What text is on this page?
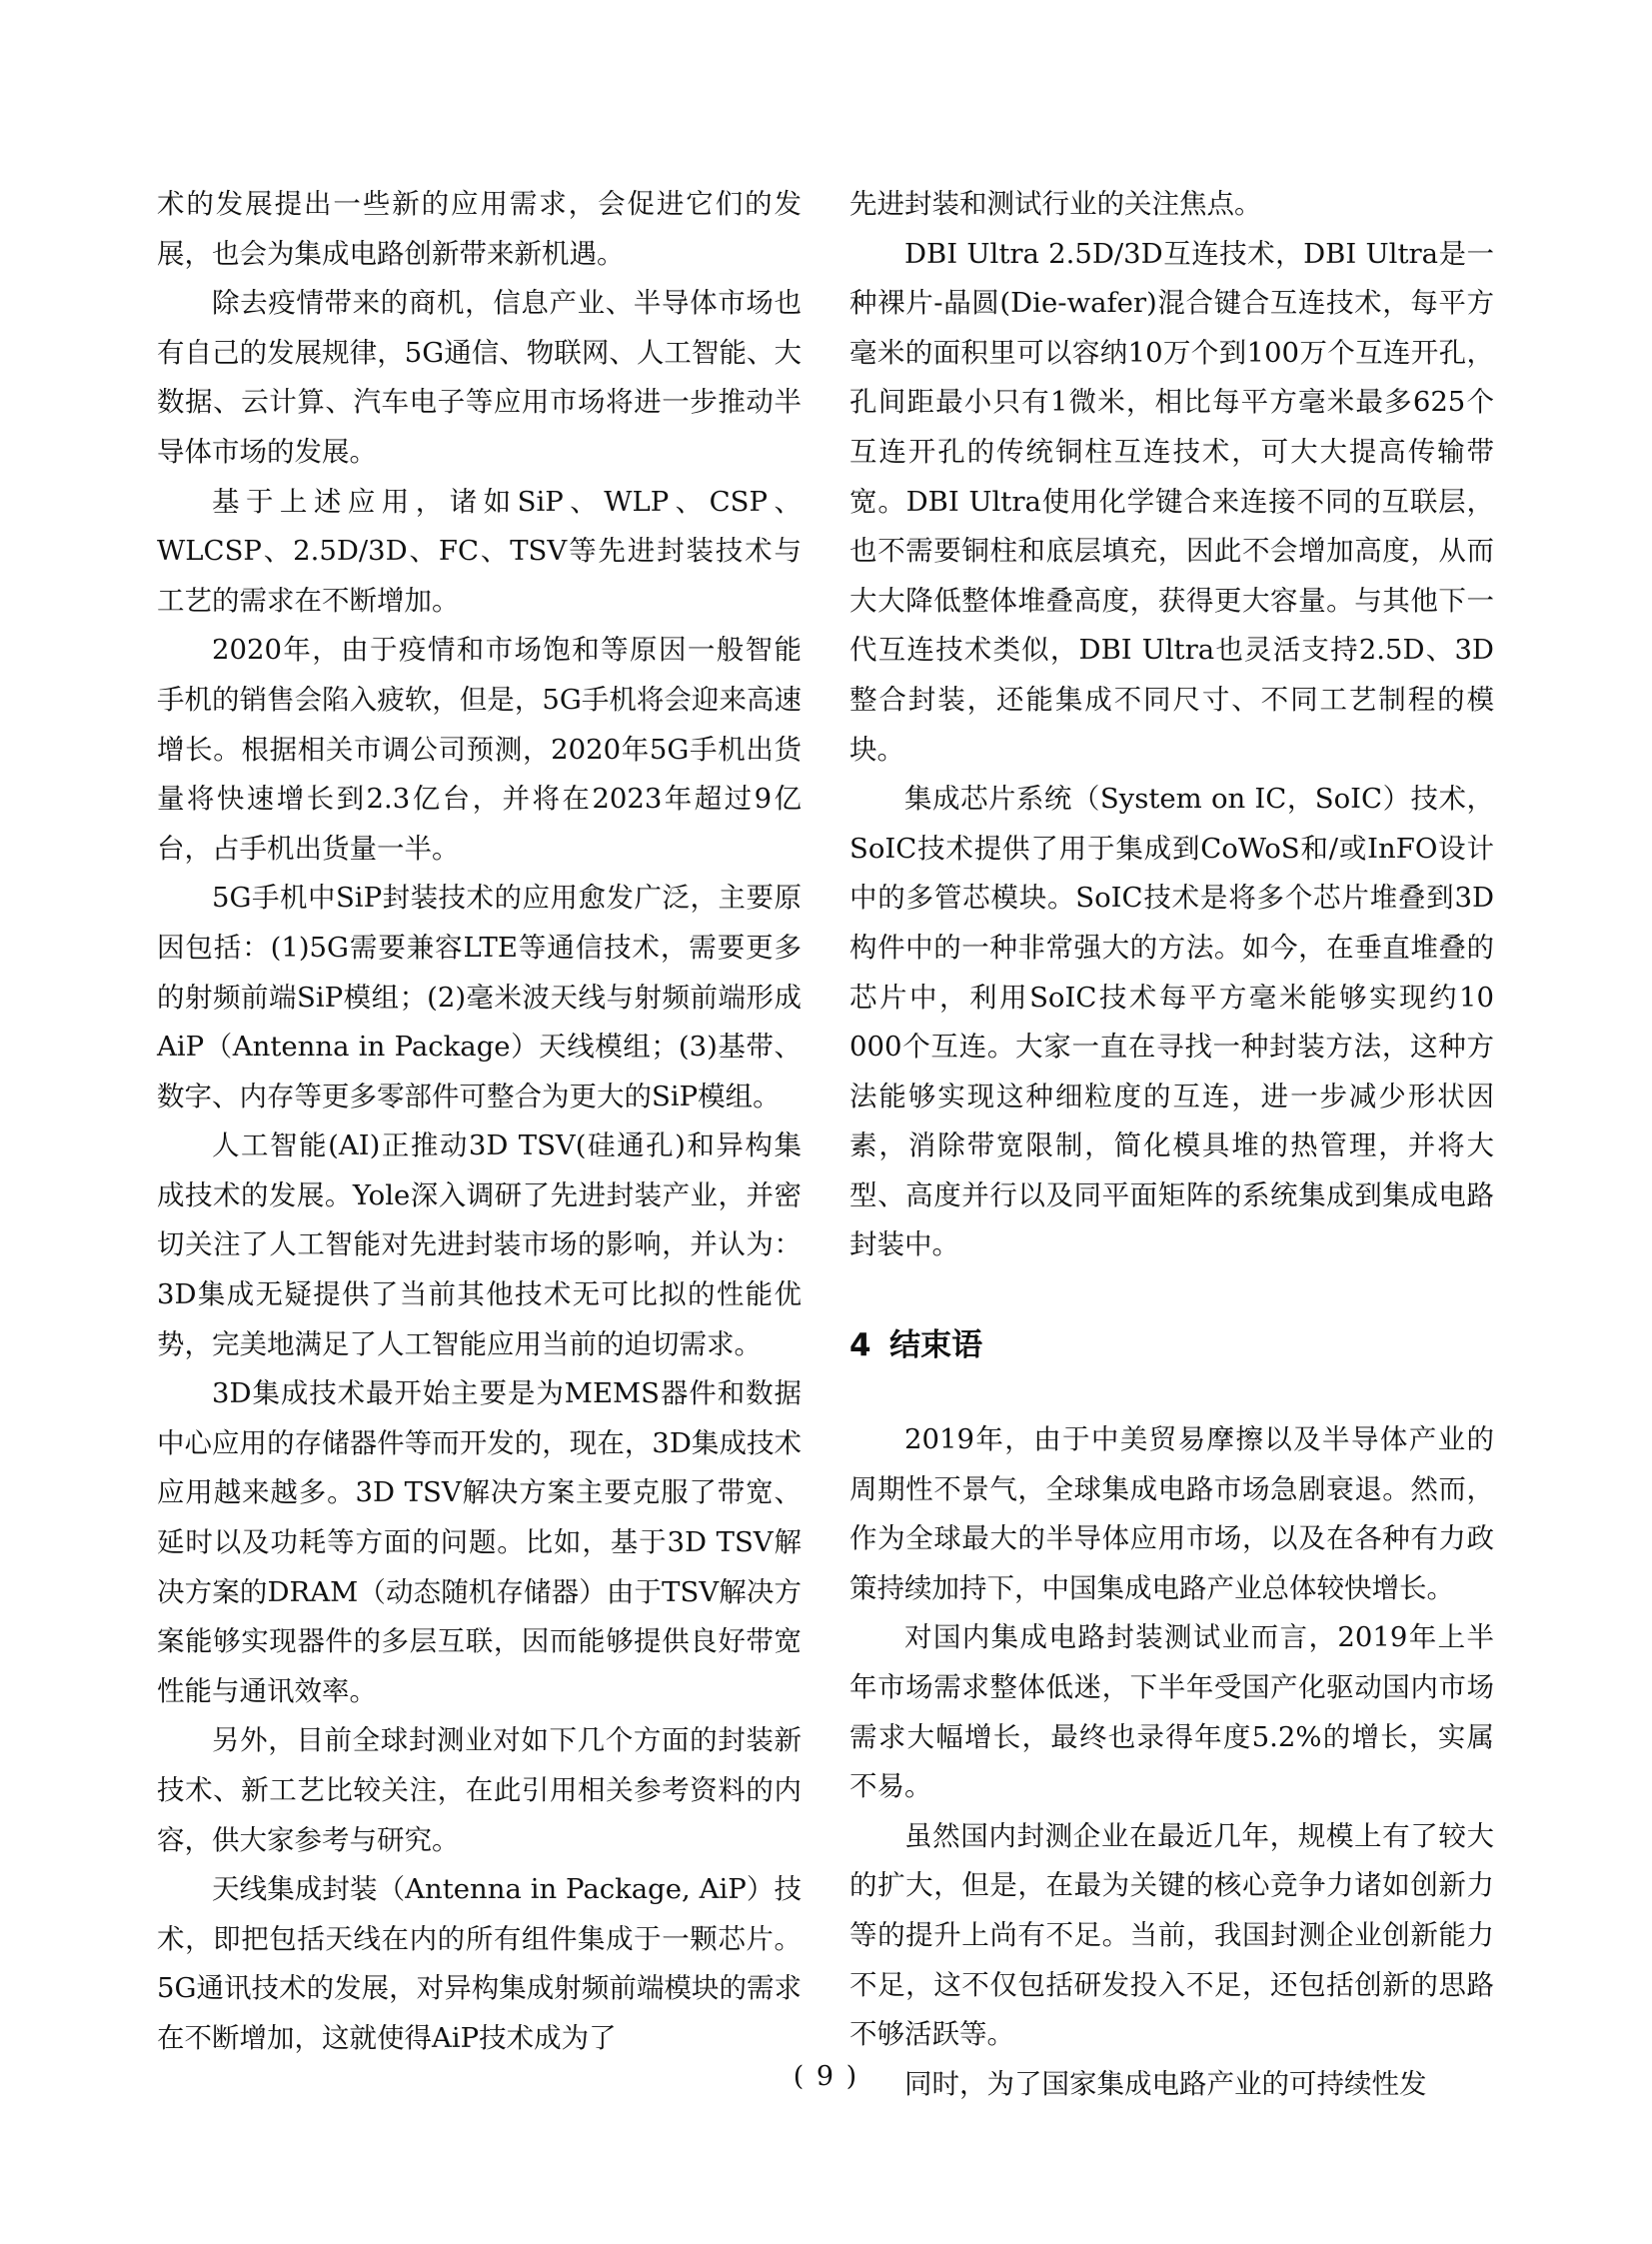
术的发展提出一些新的应用需求，会促进它们的发展，也会为集成电路创新带来新机遇。

除去疫情带来的商机，信息产业、半导体市场也有自己的发展规律，5G通信、物联网、人工智能、大数据、云计算、汽车电子等应用市场将进一步推动半导体市场的发展。

基于上述应用，诸如SiP、WLP、CSP、WLCSP、2.5D/3D、FC、TSV等先进封装技术与工艺的需求在不断增加。

2020年，由于疫情和市场饱和等原因一般智能手机的销售会陷入疲软，但是，5G手机将会迎来高速增长。根据相关市调公司预测，2020年5G手机出货量将快速增长到2.3亿台，并将在2023年超过9亿台，占手机出货量一半。

5G手机中SiP封装技术的应用愈发广泛，主要原因包括：(1)5G需要兼容LTE等通信技术，需要更多的射频前端SiP模组；(2)毫米波天线与射频前端形成AiP（Antenna in Package）天线模组；(3)基带、数字、内存等更多零部件可整合为更大的SiP模组。

人工智能(AI)正推动3D TSV(硅通孔)和异构集成技术的发展。Yole深入调研了先进封装产业，并密切关注了人工智能对先进封装市场的影响，并认为：3D集成无疑提供了当前其他技术无可比拟的性能优势，完美地满足了人工智能应用当前的迫切需求。

3D集成技术最开始主要是为MEMS器件和数据中心应用的存储器件等而开发的，现在，3D集成技术应用越来越多。3D TSV解决方案主要克服了带宽、延时以及功耗等方面的问题。比如，基于3D TSV解决方案的DRAM（动态随机存储器）由于TSV解决方案能够实现器件的多层互联，因而能够提供良好带宽性能与通讯效率。

另外，目前全球封测业对如下几个方面的封装新技术、新工艺比较关注，在此引用相关参考资料的内容，供大家参考与研究。

天线集成封装（Antenna in Package, AiP）技术，即把包括天线在内的所有组件集成于一颗芯片。5G通讯技术的发展，对异构集成射频前端模块的需求在不断增加，这就使得AiP技术成为了

先进封装和测试行业的关注焦点。

DBI Ultra 2.5D/3D互连技术，DBI Ultra是一种裸片-晶圆(Die-wafer)混合键合互连技术，每平方毫米的面积里可以容纳10万个到100万个互连开孔，孔间距最小只有1微米，相比每平方毫米最多625个互连开孔的传统铜柱互连技术，可大大提高传输带宽。DBI Ultra使用化学键合来连接不同的互联层，也不需要铜柱和底层填充，因此不会增加高度，从而大大降低整体堆叠高度，获得更大容量。与其他下一代互连技术类似，DBI Ultra也灵活支持2.5D、3D整合封装，还能集成不同尺寸、不同工艺制程的模块。

集成芯片系统（System on IC，SoIC）技术，SoIC技术提供了用于集成到CoWoS和/或InFO设计中的多管芯模块。SoIC技术是将多个芯片堆叠到3D构件中的一种非常强大的方法。如今，在垂直堆叠的芯片中，利用SoIC技术每平方毫米能够实现约10 000个互连。大家一直在寻找一种封装方法，这种方法能够实现这种细粒度的互连，进一步减少形状因素，消除带宽限制，简化模具堆的热管理，并将大型、高度并行以及同平面矩阵的系统集成到集成电路封装中。

4 结束语

2019年，由于中美贸易摩擦以及半导体产业的周期性不景气，全球集成电路市场急剧衰退。然而，作为全球最大的半导体应用市场，以及在各种有力政策持续加持下，中国集成电路产业总体较快增长。

对国内集成电路封装测试业而言，2019年上半年市场需求整体低迷，下半年受国产化驱动国内市场需求大幅增长，最终也录得年度5.2%的增长，实属不易。

虽然国内封测企业在最近几年，规模上有了较大的扩大，但是，在最为关键的核心竞争力诸如创新力等的提升上尚有不足。当前，我国封测企业创新能力不足，这不仅包括研发投入不足，还包括创新的思路不够活跃等。

同时，为了国家集成电路产业的可持续性发

( 9 )
